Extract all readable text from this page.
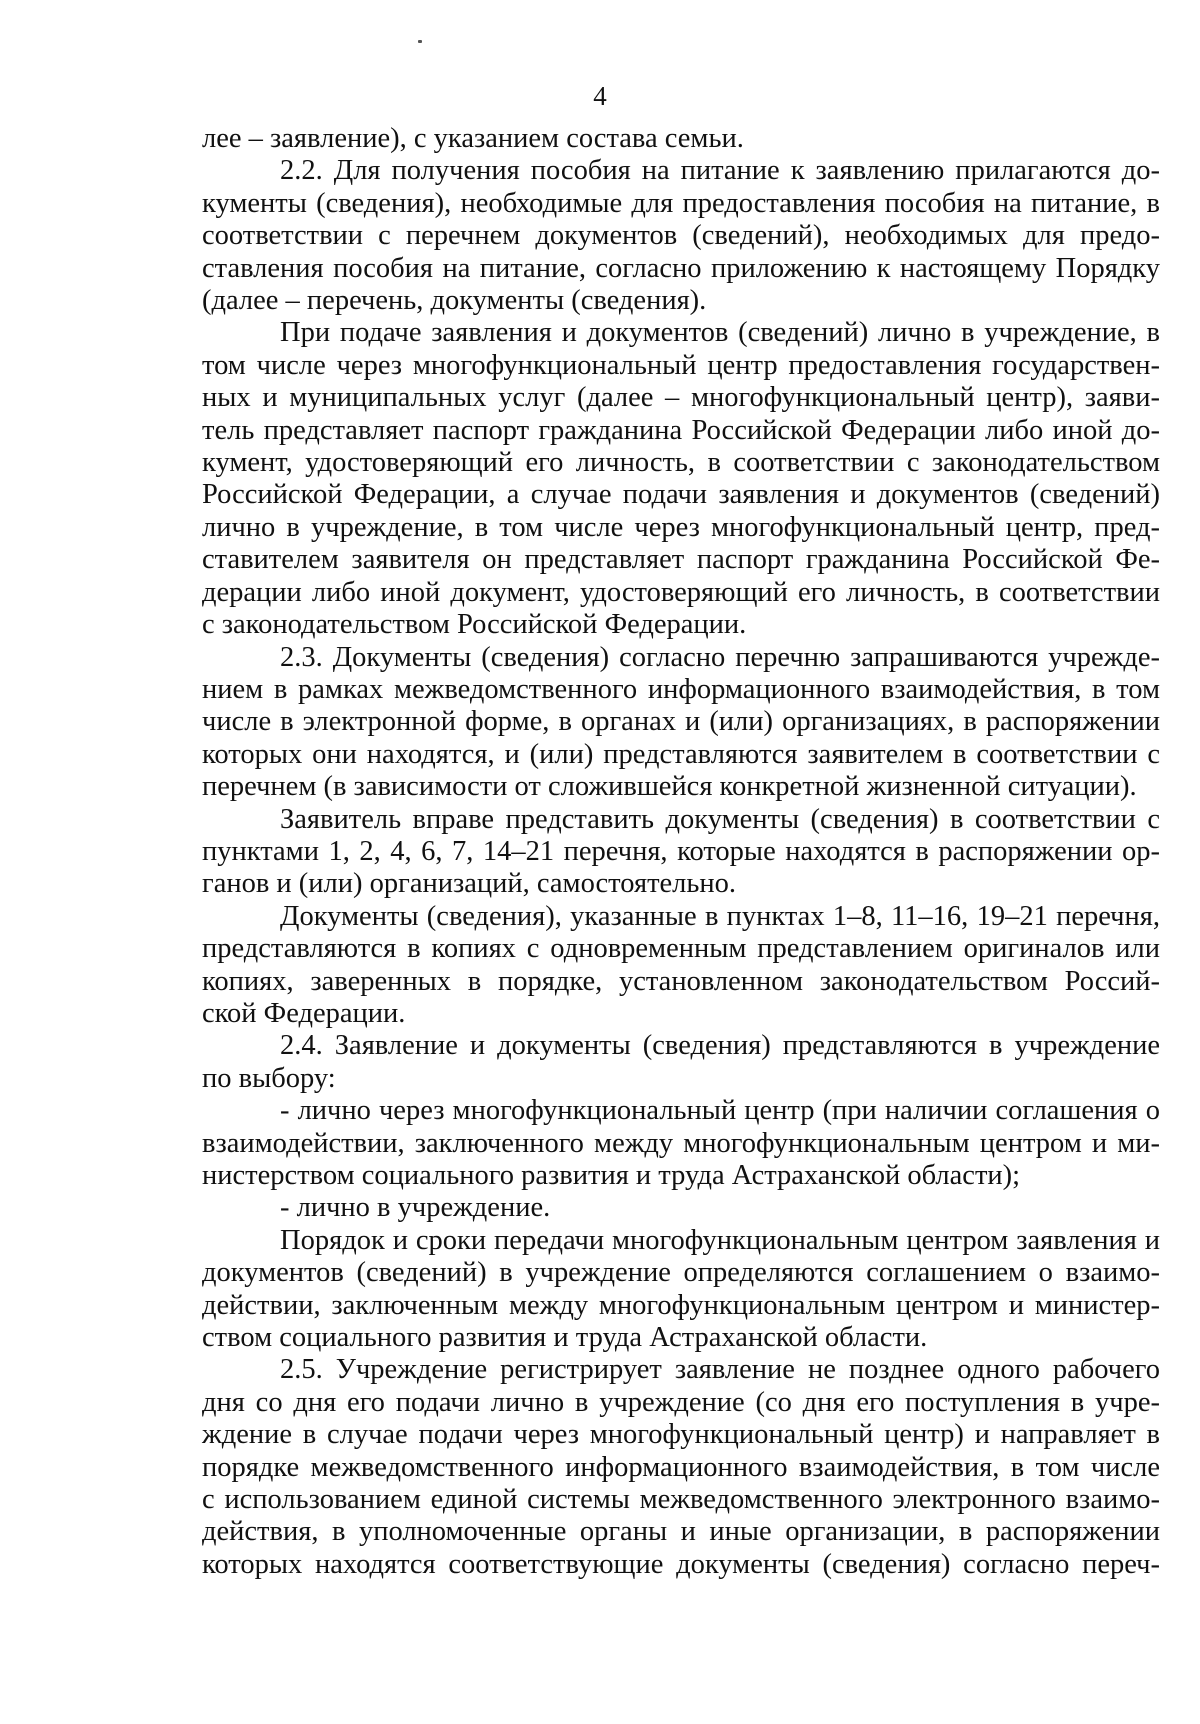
4
лее – заявление), с указанием состава семьи.
2.2. Для получения пособия на питание к заявлению прилагаются до-
кументы (сведения), необходимые для предоставления пособия на питание, в
соответствии с перечнем документов (сведений), необходимых для предо-
ставления пособия на питание, согласно приложению к настоящему Порядку
(далее – перечень, документы (сведения).
При подаче заявления и документов (сведений) лично в учреждение, в
том числе через многофункциональный центр предоставления государствен-
ных и муниципальных услуг (далее – многофункциональный центр), заяви-
тель представляет паспорт гражданина Российской Федерации либо иной до-
кумент, удостоверяющий его личность, в соответствии с законодательством
Российской Федерации, а случае подачи заявления и документов (сведений)
лично в учреждение, в том числе через многофункциональный центр, пред-
ставителем заявителя он представляет паспорт гражданина Российской Фе-
дерации либо иной документ, удостоверяющий его личность, в соответствии
с законодательством Российской Федерации.
2.3. Документы (сведения) согласно перечню запрашиваются учрежде-
нием в рамках межведомственного информационного взаимодействия, в том
числе в электронной форме, в органах и (или) организациях, в распоряжении
которых они находятся, и (или) представляются заявителем в соответствии с
перечнем (в зависимости от сложившейся конкретной жизненной ситуации).
Заявитель вправе представить документы (сведения) в соответствии с
пунктами 1, 2, 4, 6, 7, 14–21 перечня, которые находятся в распоряжении ор-
ганов и (или) организаций, самостоятельно.
Документы (сведения), указанные в пунктах 1–8, 11–16, 19–21 перечня,
представляются в копиях с одновременным представлением оригиналов или
копиях, заверенных в порядке, установленном законодательством Россий-
ской Федерации.
2.4. Заявление и документы (сведения) представляются в учреждение
по выбору:
- лично через многофункциональный центр (при наличии соглашения о
взаимодействии, заключенного между многофункциональным центром и ми-
нистерством социального развития и труда Астраханской области);
- лично в учреждение.
Порядок и сроки передачи многофункциональным центром заявления и
документов (сведений) в учреждение определяются соглашением о взаимо-
действии, заключенным между многофункциональным центром и министер-
ством социального развития и труда Астраханской области.
2.5. Учреждение регистрирует заявление не позднее одного рабочего
дня со дня его подачи лично в учреждение (со дня его поступления в учре-
ждение в случае подачи через многофункциональный центр) и направляет в
порядке межведомственного информационного взаимодействия, в том числе
с использованием единой системы межведомственного электронного взаимо-
действия, в уполномоченные органы и иные организации, в распоряжении
которых находятся соответствующие документы (сведения) согласно переч-
